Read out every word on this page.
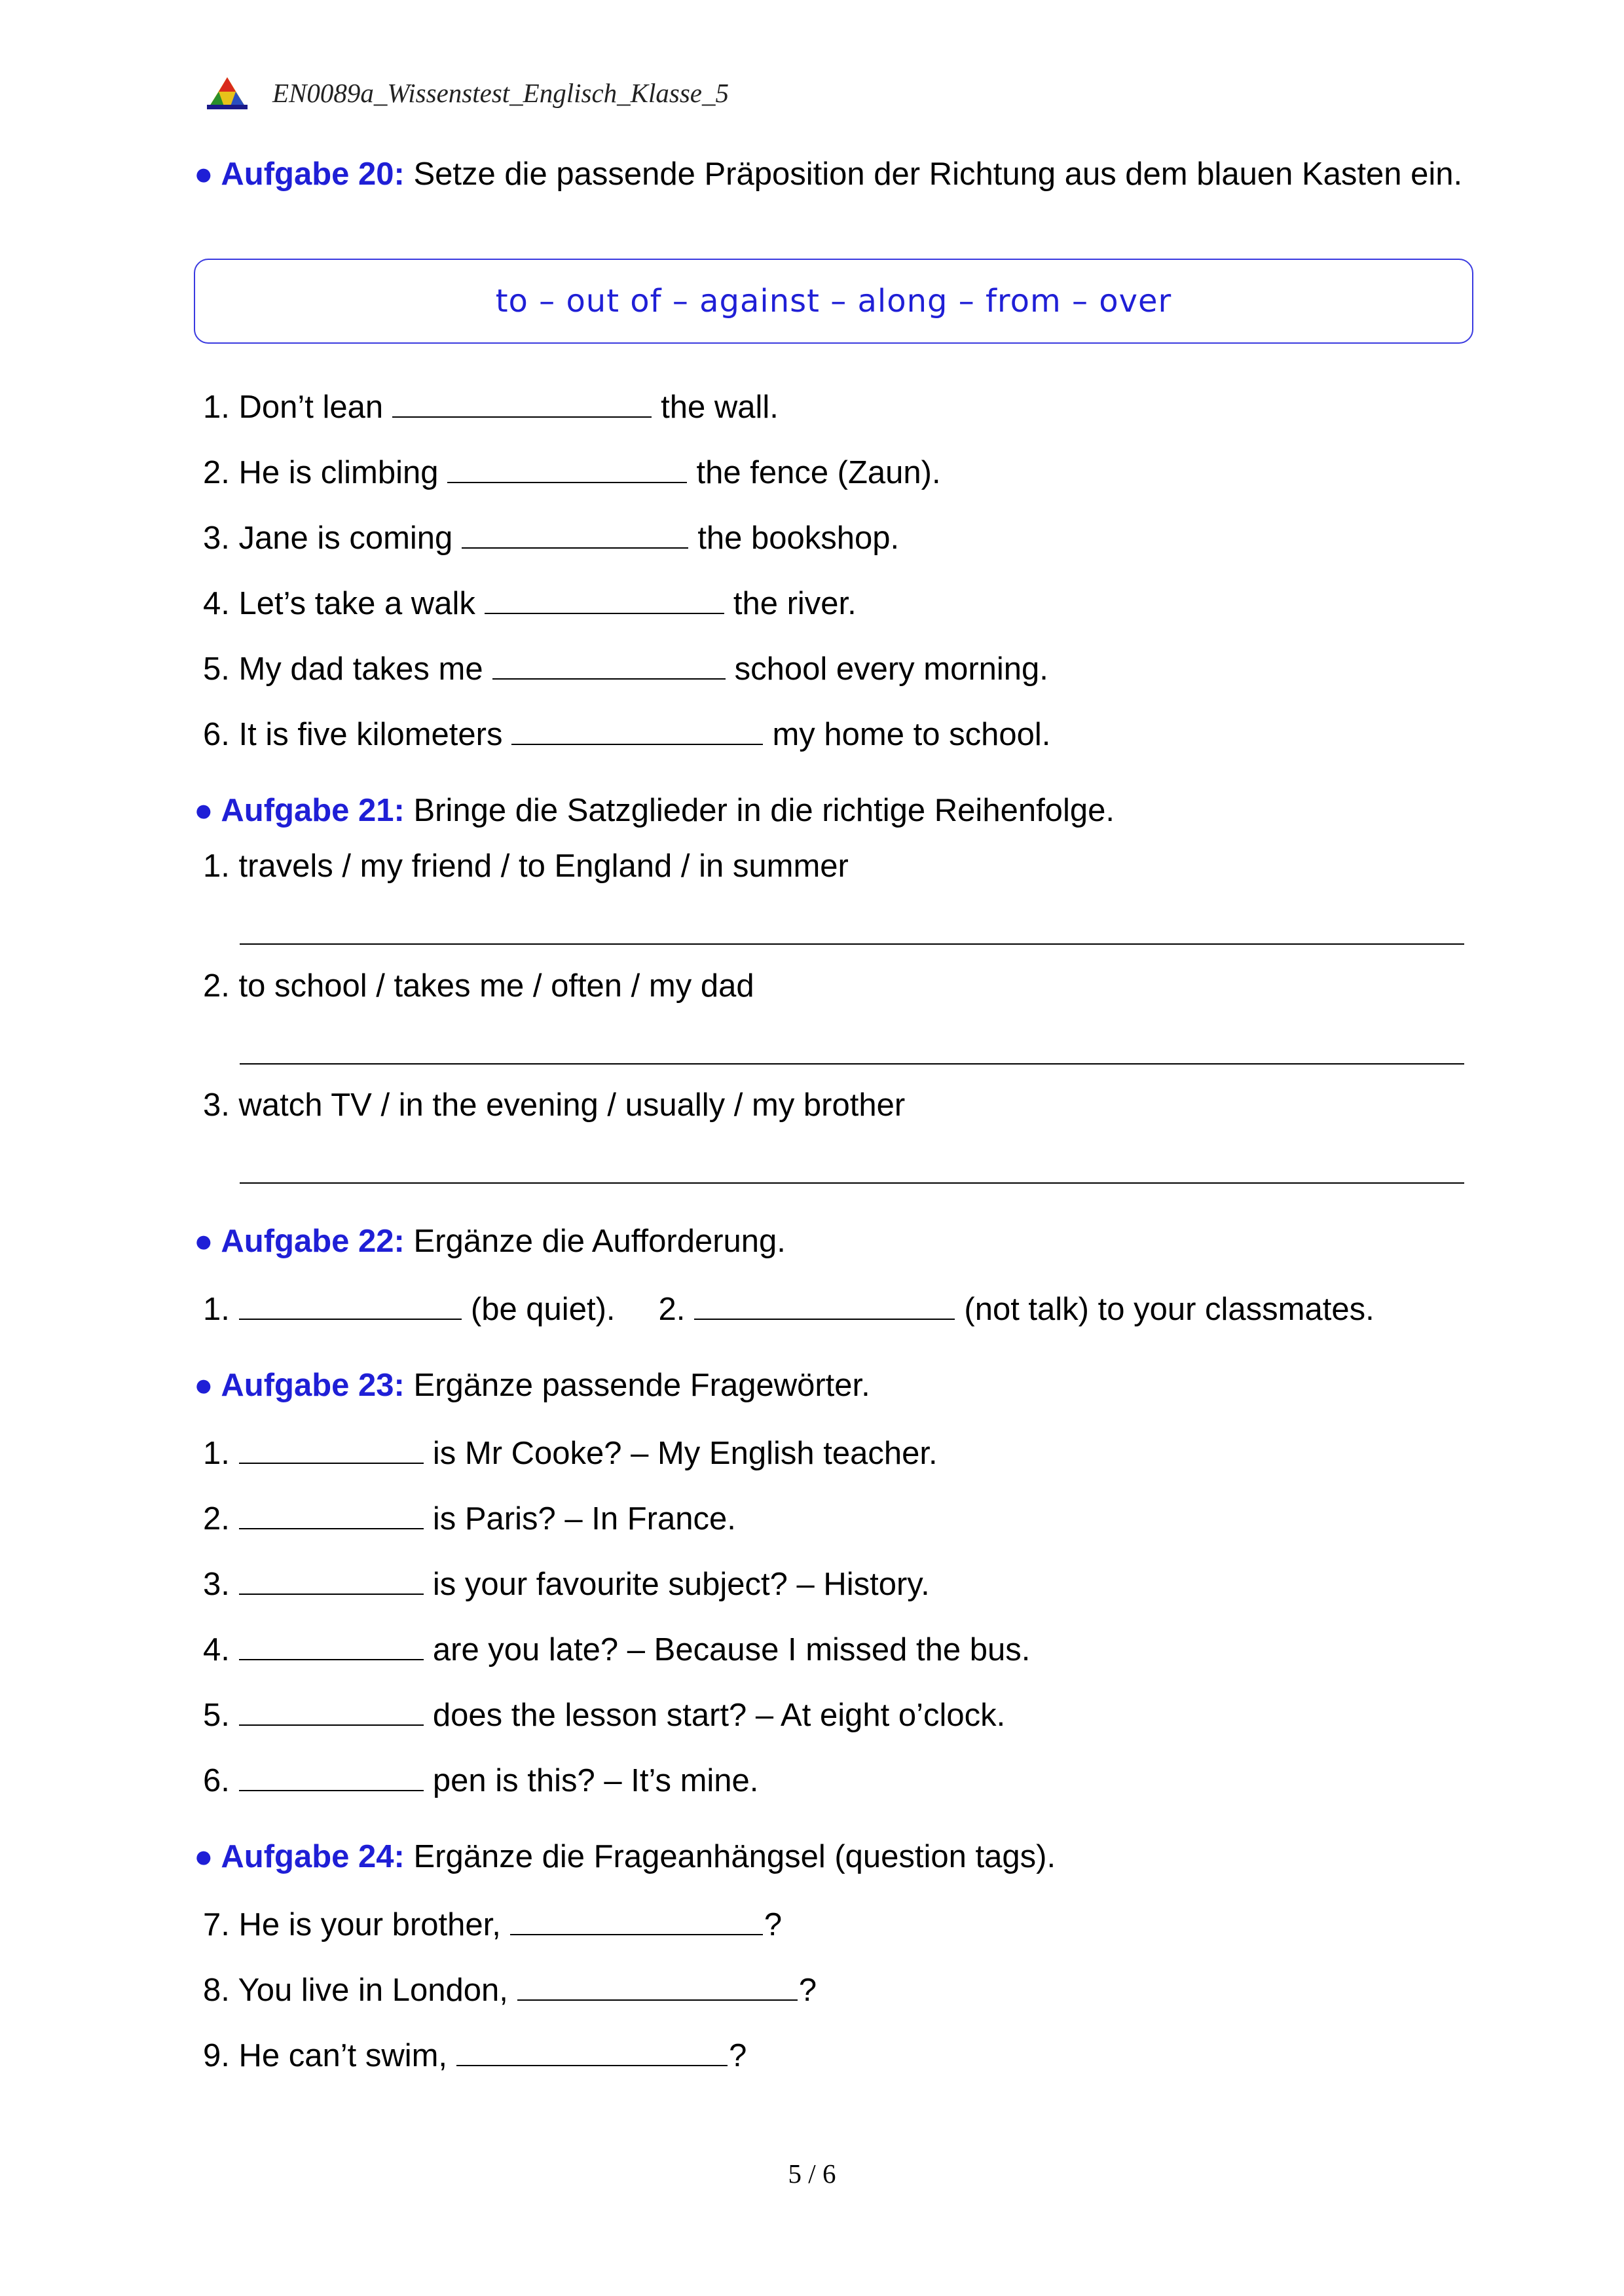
EN0089a_Wissenstest_Englisch_Klasse_5
● Aufgabe 20: Setze die passende Präposition der Richtung aus dem blauen Kasten ein.
to – out of – against – along – from – over
1. Don’t lean	the wall.
2. He is climbing	the fence (Zaun).
3. Jane is coming	the bookshop.
4. Let’s take a walk	the river.
5. My dad takes me	school every morning.
6. It is five kilometers	my home to school.
● Aufgabe 21: Bringe die Satzglieder in die richtige Reihenfolge.
1. travels / my friend / to England / in summer
2. to school / takes me / often / my dad
3. watch TV / in the evening / usually / my brother
● Aufgabe 22: Ergänze die Aufforderung.
1.	(be quiet). 2.	(not talk) to your classmates.
● Aufgabe 23: Ergänze passende Fragewörter.
1.	is Mr Cooke? – My English teacher.
2.	is Paris? – In France.
3.	is your favourite subject? – History.
4.	are you late? – Because I missed the bus.
5.	does the lesson start? – At eight o’clock.
6.	pen is this? – It’s mine.
● Aufgabe 24: Ergänze die Frageanhängsel (question tags).
7. He is your brother,	?
8. You live in London,	?
9. He can’t swim,	?
5 / 6
